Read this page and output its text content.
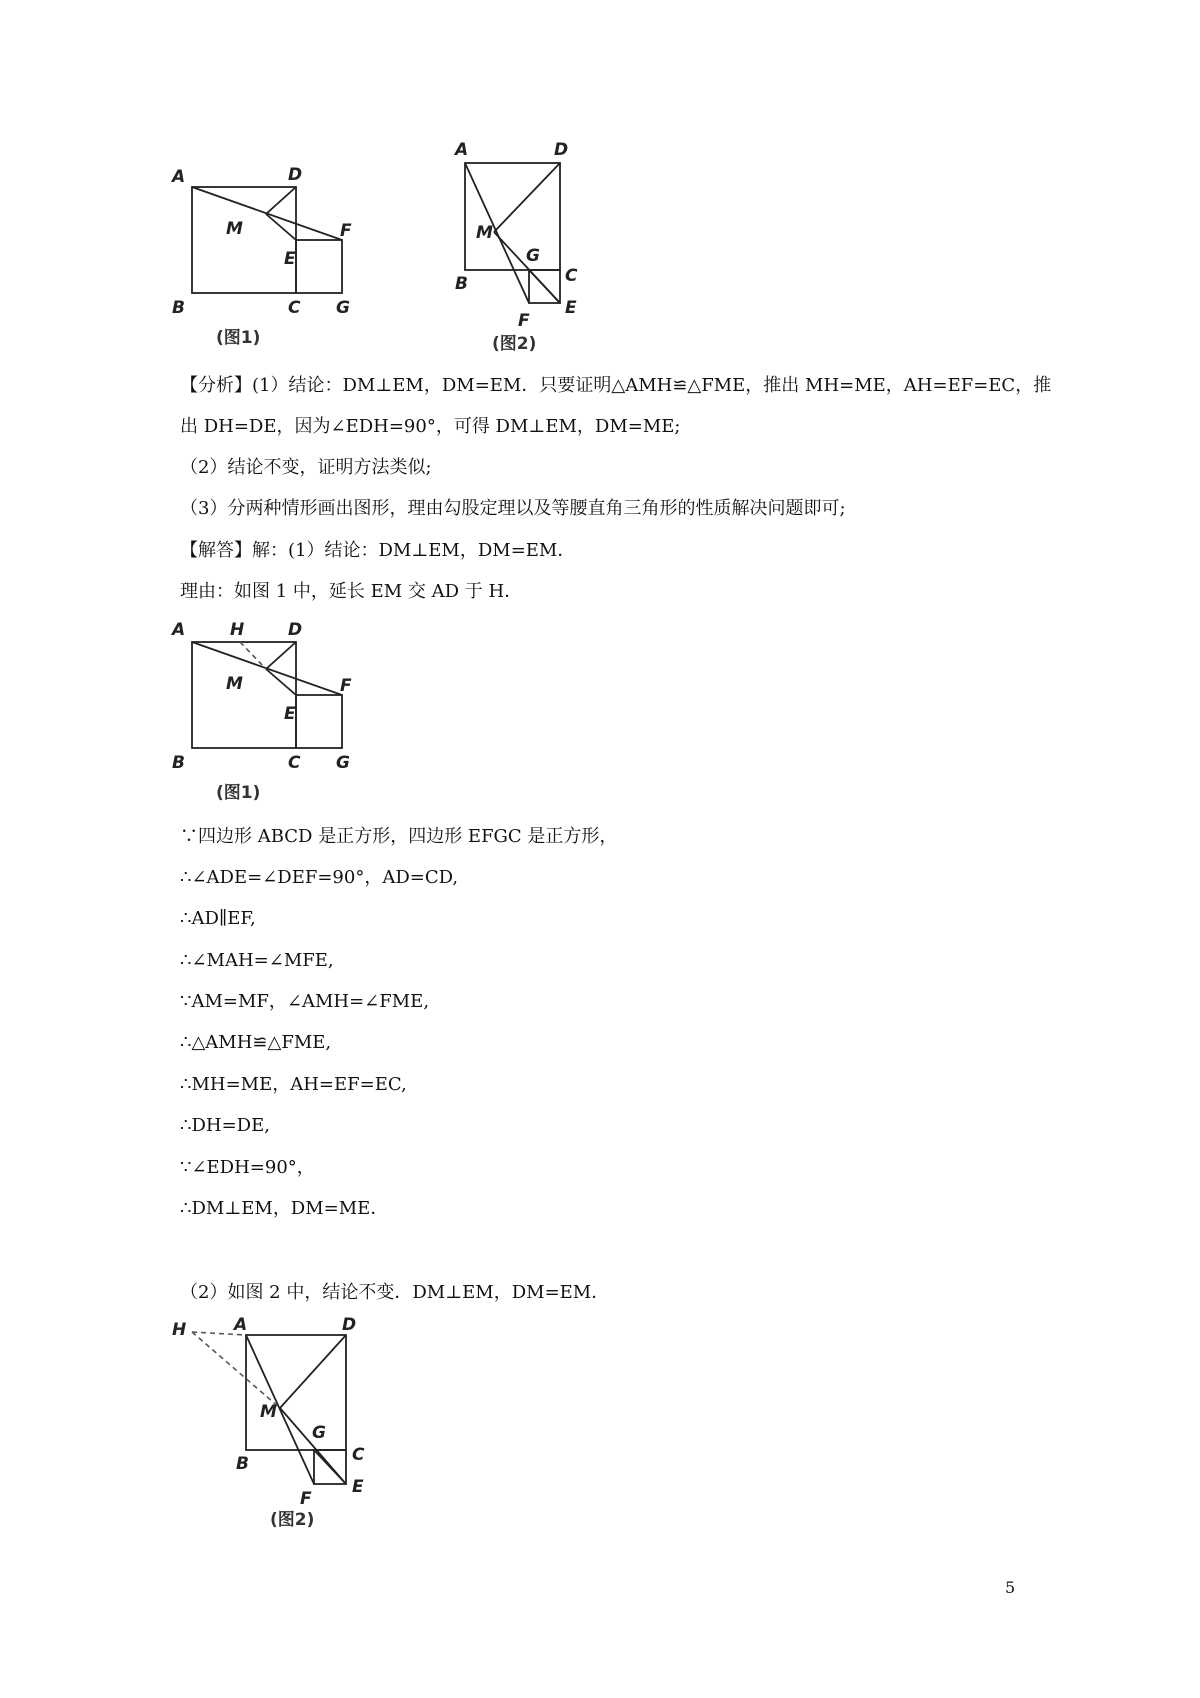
A	D
M	F
E
B	C G
(图1)
A	D
M
G
C
B
E
F
(图2)
【分析】(1）结论：DM⊥EM，DM=EM．只要证明△AMH≌△FME，推出 MH=ME，AH=EF=EC，推
出 DH=DE，因为∠EDH=90°，可得 DM⊥EM，DM=ME;
（2）结论不变，证明方法类似;
（3）分两种情形画出图形，理由勾股定理以及等腰直角三角形的性质解决问题即可;
【解答】解：(1）结论：DM⊥EM，DM=EM．
理由：如图 1 中，延长 EM 交 AD 于 H．
A	H	D
M	F
E
B	C G
(图1)
∵四边形 ABCD 是正方形，四边形 EFGC 是正方形，
∴∠ADE=∠DEF=90°，AD=CD,
∴AD∥EF,
∴∠MAH=∠MFE,
∵AM=MF，∠AMH=∠FME,
∴△AMH≌△FME,
∴MH=ME，AH=EF=EC,
∴DH=DE,
∵∠EDH=90°，
∴DM⊥EM，DM=ME．
（2）如图 2 中，结论不变．DM⊥EM，DM=EM．
H	A	D
M
G
C
B
E
F
(图2)
5
